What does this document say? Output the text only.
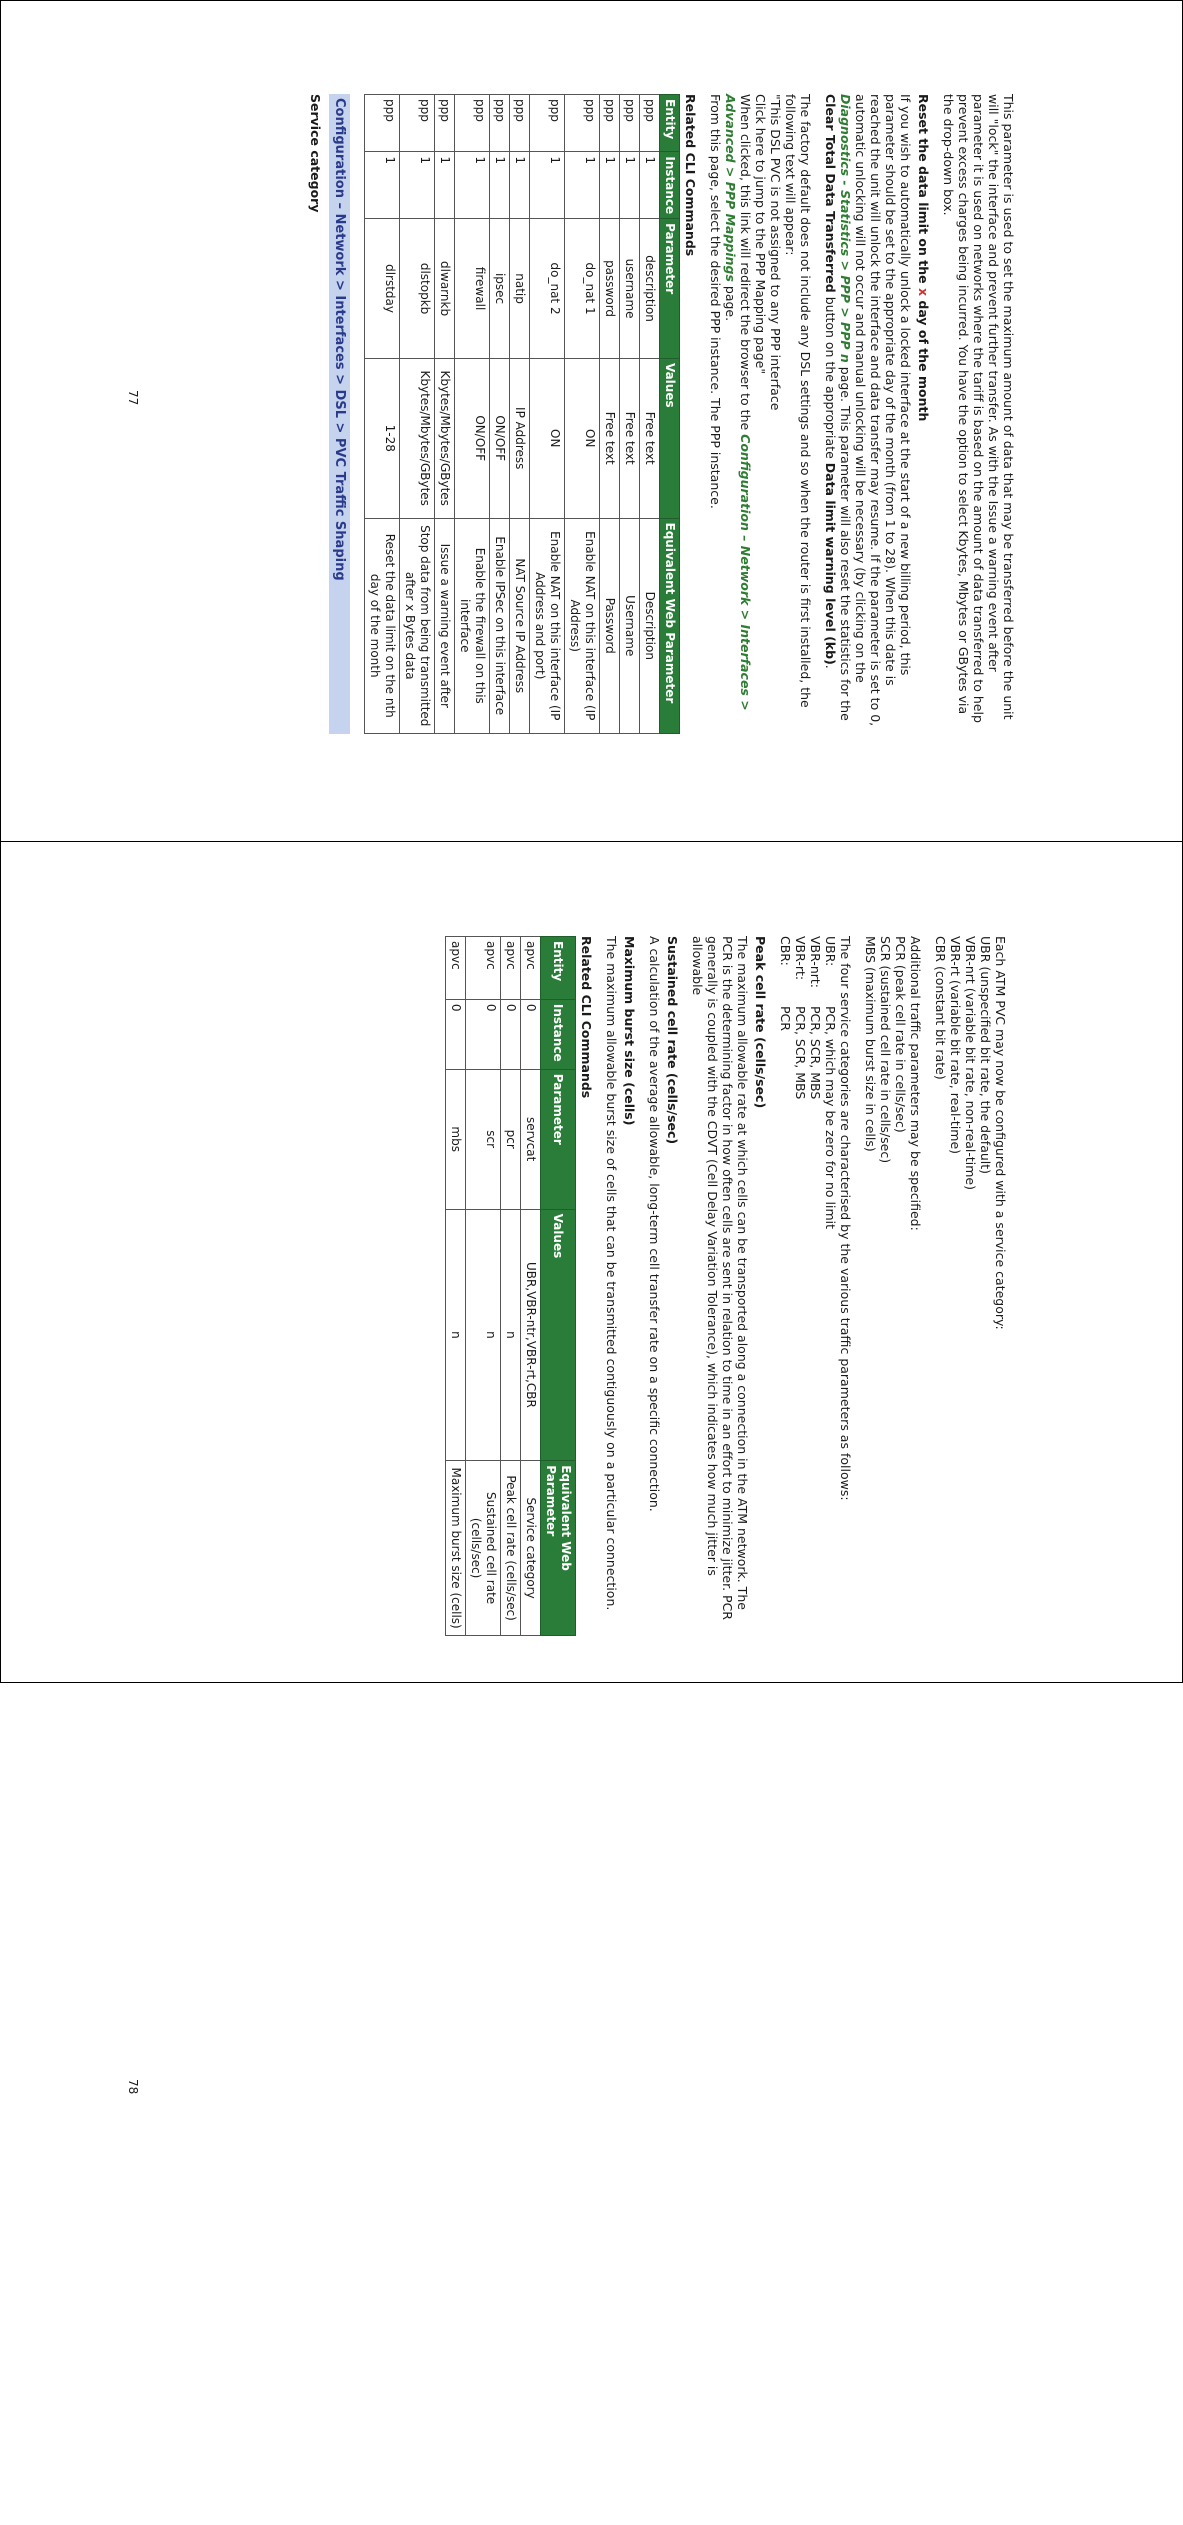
This parameter is used to set the maximum amount of data that may be transferred before the unit will "lock" the interface and prevent further transfer. As with the Issue a warning event after parameter it is used on networks where the tariff is based on the amount of data transferred to help prevent excess charges being incurred. You have the option to select Kbytes, Mbytes or GBytes via the drop-down box.

Reset the data limit on the x day of the month

If you wish to automatically unlock a locked interface at the start of a new billing period, this parameter should be set to the appropriate day of the month (from 1 to 28). When this date is reached the unit will unlock the interface and data transfer may resume. If the parameter is set to 0, automatic unlocking will not occur and manual unlocking will be necessary (by clicking on the Diagnostics - Statistics > PPP > PPP n page. This parameter will also reset the statistics for the Clear Total Data Transferred button on the appropriate Data limit warning level (kb).

The factory default does not include any DSL settings and so when the router is first installed, the following text will appear:
"This DSL PVC is not assigned to any PPP interface
Click here to jump to the PPP Mapping page"
When clicked, this link will redirect the browser to the Configuration – Network > Interfaces > Advanced > PPP Mappings page.
From this page, select the desired PPP instance. The PPP instance.

Related CLI Commands

Entity	Instance	Parameter	Values	Equivalent Web Parameter
ppp	1	description	Free text	Description
ppp	1	username	Free text	Username
ppp	1	password	Free text	Password
ppp	1	do_nat 1	ON	Enable NAT on this interface (IP Address)
ppp	1	do_nat 2	ON	Enable NAT on this interface (IP Address and port)
ppp	1	natip	IP Address	NAT Source IP Address
ppp	1	ipsec	ON/OFF	Enable IPSec on this interface
ppp	1	firewall	ON/OFF	Enable the firewall on this interface
ppp	1	dlwarnkb	Kbytes/Mbytes/GBytes	Issue a warning event after
ppp	1	dlstopkb	Kbytes/Mbytes/GBytes	Stop data from being transmitted after x Bytes data
ppp	1	dlrstday	1-28	Reset the data limit on the nth day of the month
Configuration – Network > Interfaces > DSL > PVC Traffic Shaping

Service category

77

Each ATM PVC may now be configured with a service category:

UBR (unspecified bit rate, the default)

VBR-nrt (variable bit rate, non-real-time)

VBR-rt (variable bit rate, real-time)

CBR (constant bit rate)

Additional traffic parameters may be specified:

PCR (peak cell rate in cells/sec)

SCR (sustained cell rate in cells/sec)

MBS (maximum burst size in cells)

The four service categories are characterised by the various traffic parameters as follows:

UBR:PCR, which may be zero for no limit

VBR-nrt:PCR, SCR, MBS

VBR-rt:PCR, SCR, MBS

CBR:PCR

Peak cell rate (cells/sec)

The maximum allowable rate at which cells can be transported along a connection in the ATM network. The PCR is the determining factor in how often cells are sent in relation to time in an effort to minimize jitter. PCR generally is coupled with the CDVT (Cell Delay Variation Tolerance), which indicates how much jitter is allowable

Sustained cell rate (cells/sec)

A calculation of the average allowable, long-term cell transfer rate on a specific connection.

Maximum burst size (cells)

The maximum allowable burst size of cells that can be transmitted contiguously on a particular connection.

Related CLI Commands

Entity	Instance	Parameter	Values	Equivalent Web Parameter
apvc	0	servcat	UBR,VBR-ntr,VBR-rt,CBR	Service category
apvc	0	pcr	n	Peak cell rate (cells/sec)
apvc	0	scr	n	Sustained cell rate (cells/sec)
apvc	0	mbs	n	Maximum burst size (cells)
78
